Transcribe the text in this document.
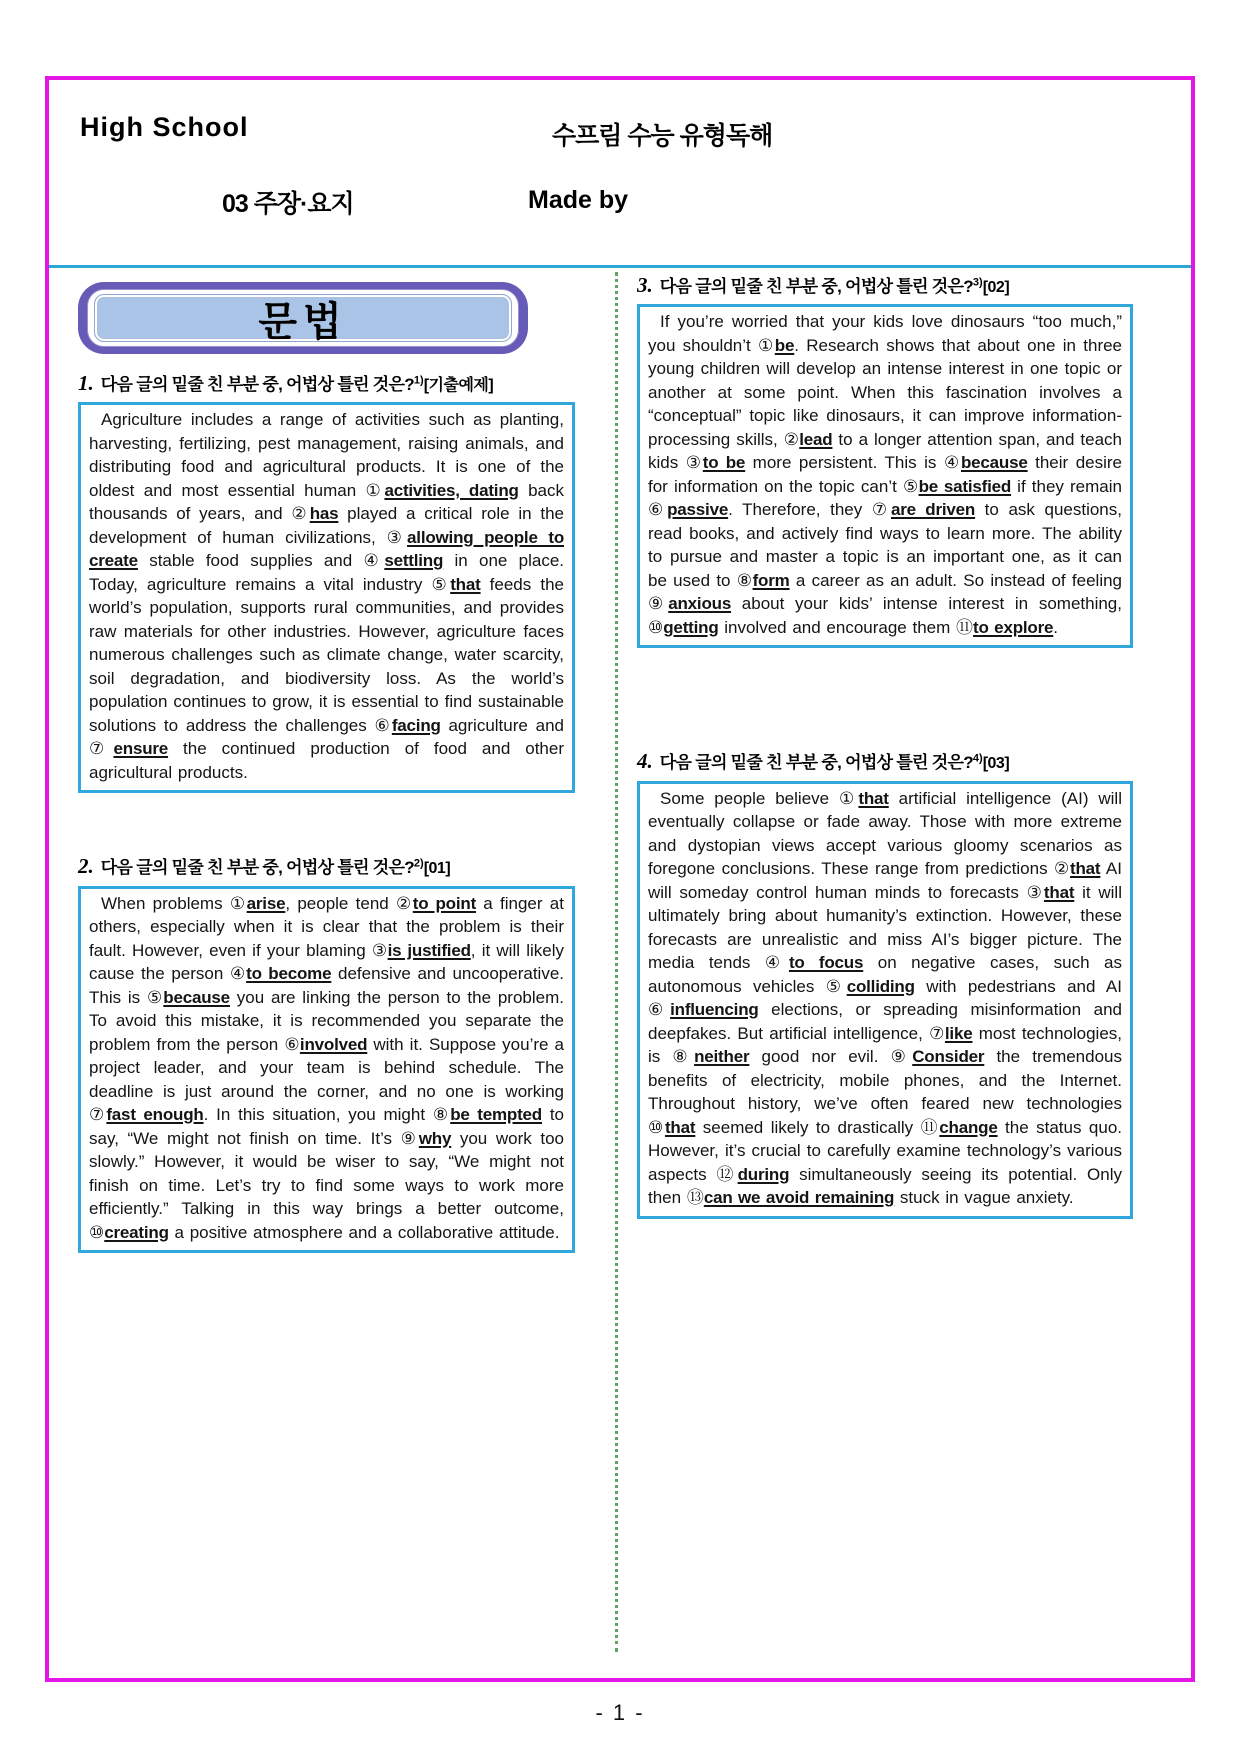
High School	수프림 수능 유형독해
03 주장·요지	Made by
문법
1. 다음 글의 밑줄 친 부분 중, 어법상 틀린 것은?$^{1)}$[기출예제]

Agriculture includes a range of activities such as planting, harvesting, fertilizing, pest management, raising animals, and distributing food and agricultural products. It is one of the oldest and most essential human ①activities, dating back thousands of years, and ②has played a critical role in the development of human civilizations, ③allowing people to create stable food supplies and ④settling in one place. Today, agriculture remains a vital industry ⑤that feeds the world’s population, supports rural communities, and provides raw materials for other industries. However, agriculture faces numerous challenges such as climate change, water scarcity, soil degradation, and biodiversity loss. As the world’s population continues to grow, it is essential to find sustainable solutions to address the challenges ⑥facing agriculture and ⑦ensure the continued production of food and other agricultural products.

2. 다음 글의 밑줄 친 부분 중, 어법상 틀린 것은?$^{2)}$[01]

When problems ①arise, people tend ②to point a finger at others, especially when it is clear that the problem is their fault. However, even if your blaming ③is justified, it will likely cause the person ④to become defensive and uncooperative. This is ⑤because you are linking the person to the problem. To avoid this mistake, it is recommended you separate the problem from the person ⑥involved with it. Suppose you’re a project leader, and your team is behind schedule. The deadline is just around the corner, and no one is working ⑦fast enough. In this situation, you might ⑧be tempted to say, “We might not finish on time. It’s ⑨why you work too slowly.” However, it would be wiser to say, “We might not finish on time. Let’s try to find some ways to work more efficiently.” Talking in this way brings a better outcome, ⑩creating a positive atmosphere and a collaborative attitude.

3. 다음 글의 밑줄 친 부분 중, 어법상 틀린 것은?$^{3)}$[02]

If you’re worried that your kids love dinosaurs “too much,” you shouldn’t ①be. Research shows that about one in three young children will develop an intense interest in one topic or another at some point. When this fascination involves a “conceptual” topic like dinosaurs, it can improve information-processing skills, ②lead to a longer attention span, and teach kids ③to be more persistent. This is ④because their desire for information on the topic can’t ⑤be satisfied if they remain ⑥passive. Therefore, they ⑦are driven to ask questions, read books, and actively find ways to learn more. The ability to pursue and master a topic is an important one, as it can be used to ⑧form a career as an adult. So instead of feeling ⑨anxious about your kids’ intense interest in something, ⑩getting involved and encourage them ⑪to explore.

4. 다음 글의 밑줄 친 부분 중, 어법상 틀린 것은?$^{4)}$[03]

Some people believe ①that artificial intelligence (AI) will eventually collapse or fade away. Those with more extreme and dystopian views accept various gloomy scenarios as foregone conclusions. These range from predictions ②that AI will someday control human minds to forecasts ③that it will ultimately bring about humanity’s extinction. However, these forecasts are unrealistic and miss AI’s bigger picture. The media tends ④to focus on negative cases, such as autonomous vehicles ⑤colliding with pedestrians and AI ⑥influencing elections, or spreading misinformation and deepfakes. But artificial intelligence, ⑦like most technologies, is ⑧neither good nor evil. ⑨Consider the tremendous benefits of electricity, mobile phones, and the Internet. Throughout history, we’ve often feared new technologies ⑩that seemed likely to drastically ⑪change the status quo. However, it’s crucial to carefully examine technology’s various aspects ⑫during simultaneously seeing its potential. Only then ⑬can we avoid remaining stuck in vague anxiety.

- 1 -
